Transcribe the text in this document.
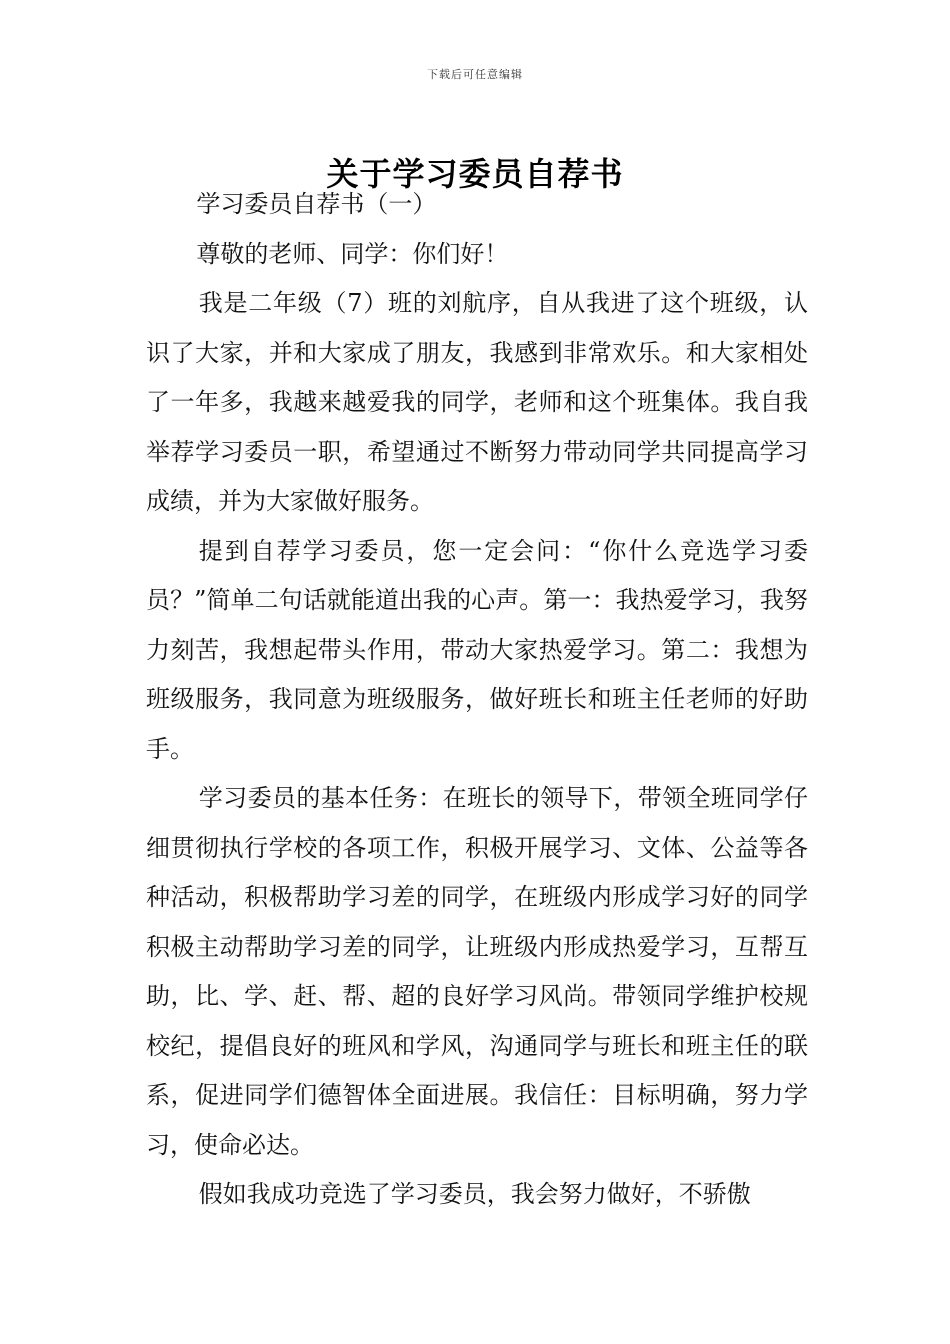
下载后可任意编辑
关于学习委员自荐书

学习委员自荐书（一）

尊敬的老师、同学：你们好！

我是二年级（7）班的刘航序，自从我进了这个班级，认识了大家，并和大家成了朋友，我感到非常欢乐。和大家相处了一年多，我越来越爱我的同学，老师和这个班集体。我自我举荐学习委员一职，希望通过不断努力带动同学共同提高学习成绩，并为大家做好服务。

提到自荐学习委员，您一定会问：“你什么竞选学习委员？”简单二句话就能道出我的心声。第一：我热爱学习，我努力刻苦，我想起带头作用，带动大家热爱学习。第二：我想为班级服务，我同意为班级服务，做好班长和班主任老师的好助手。

学习委员的基本任务：在班长的领导下，带领全班同学仔细贯彻执行学校的各项工作，积极开展学习、文体、公益等各种活动，积极帮助学习差的同学，在班级内形成学习好的同学积极主动帮助学习差的同学，让班级内形成热爱学习，互帮互助，比、学、赶、帮、超的良好学习风尚。带领同学维护校规校纪，提倡良好的班风和学风，沟通同学与班长和班主任的联系，促进同学们德智体全面进展。我信任：目标明确，努力学习，使命必达。

假如我成功竞选了学习委员，我会努力做好，不骄傲
